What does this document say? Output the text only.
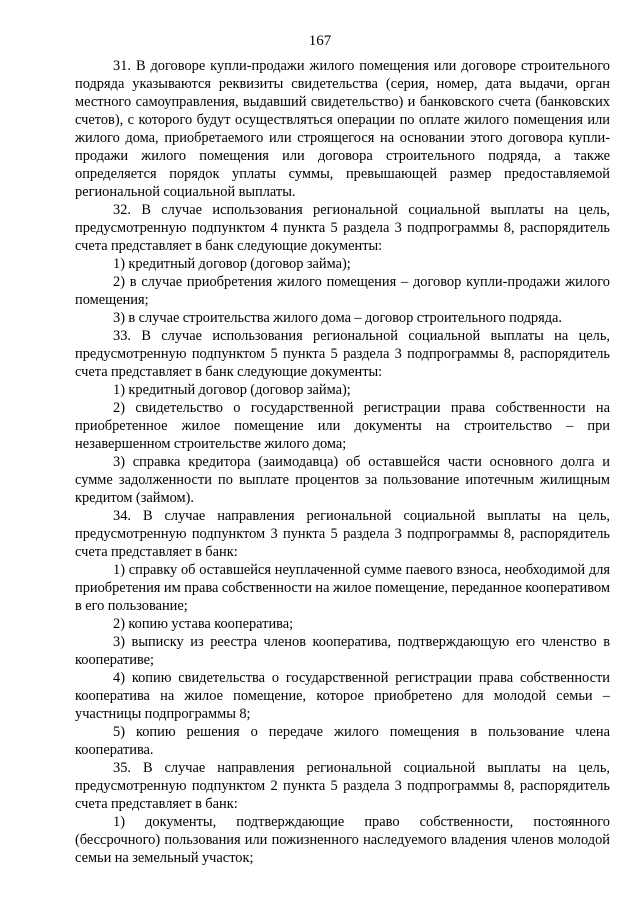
167

31. В договоре купли-продажи жилого помещения или договоре строительного подряда указываются реквизиты свидетельства (серия, номер, дата выдачи, орган местного самоуправления, выдавший свидетельство) и банковского счета (банковских счетов), с которого будут осуществляться операции по оплате жилого помещения или жилого дома, приобретаемого или строящегося на основании этого договора купли-продажи жилого помещения или договора строительного подряда, а также определяется порядок уплаты суммы, превышающей размер предоставляемой региональной социальной выплаты.

32. В случае использования региональной социальной выплаты на цель, предусмотренную подпунктом 4 пункта 5 раздела 3 подпрограммы 8, распорядитель счета представляет в банк следующие документы:

1) кредитный договор (договор займа);

2) в случае приобретения жилого помещения – договор купли-продажи жилого помещения;

3) в случае строительства жилого дома – договор строительного подряда.

33. В случае использования региональной социальной выплаты на цель, предусмотренную подпунктом 5 пункта 5 раздела 3 подпрограммы 8, распорядитель счета представляет в банк следующие документы:

1) кредитный договор (договор займа);

2) свидетельство о государственной регистрации права собственности на приобретенное жилое помещение или документы на строительство – при незавершенном строительстве жилого дома;

3) справка кредитора (заимодавца) об оставшейся части основного долга и сумме задолженности по выплате процентов за пользование ипотечным жилищным кредитом (займом).

34. В случае направления региональной социальной выплаты на цель, предусмотренную подпунктом 3 пункта 5 раздела 3 подпрограммы 8, распорядитель счета представляет в банк:

1) справку об оставшейся неуплаченной сумме паевого взноса, необходимой для приобретения им права собственности на жилое помещение, переданное кооперативом в его пользование;

2) копию устава кооператива;

3) выписку из реестра членов кооператива, подтверждающую его членство в кооперативе;

4) копию свидетельства о государственной регистрации права собственности кооператива на жилое помещение, которое приобретено для молодой семьи – участницы подпрограммы 8;

5) копию решения о передаче жилого помещения в пользование члена кооператива.

35. В случае направления региональной социальной выплаты на цель, предусмотренную подпунктом 2 пункта 5 раздела 3 подпрограммы 8, распорядитель счета представляет в банк:

1) документы, подтверждающие право собственности, постоянного (бессрочного) пользования или пожизненного наследуемого владения членов молодой семьи на земельный участок;
